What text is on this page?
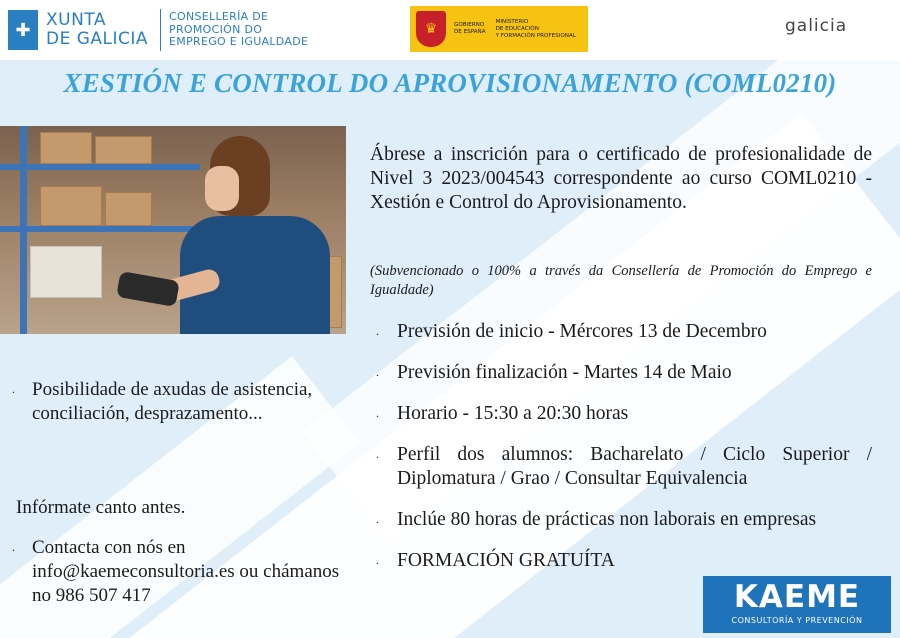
✚ XUNTA
DE GALICIA
CONSELLERÍA DE
PROMOCIÓN DO
EMPREGO E IGUALDADE
♛	GOBIERNO
DE ESPAÑA
MINISTERIO
DE EDUCACIÓN
Y FORMACIÓN PROFESIONAL	galicia
XESTIÓN E CONTROL DO APROVISIONAMENTO (COML0210)
. Posibilidade de axudas de asistencia, conciliación, desprazamento...
Infórmate canto antes.
. Contacta con nós en info@kaemeconsultoria.es ou chámanos no 986 507 417
Ábrese a inscrición para o certificado de profesionalidade de Nivel 3 2023/004543 correspondente ao curso COML0210 - Xestión e Control do Aprovisionamento.
(Subvencionado o 100% a través da Consellería de Promoción do Emprego e Igualdade)
. Previsión de inicio - Mércores 13 de Decembro
. Previsión finalización - Martes 14 de Maio
. Horario - 15:30 a 20:30 horas
. Perfil dos alumnos: Bacharelato / Ciclo Superior / Diplomatura / Grao / Consultar Equivalencia
. Inclúe 80 horas de prácticas non laborais en empresas
. FORMACIÓN GRATUÍTA
KAEME
CONSULTORÍA Y PREVENCIÓN
